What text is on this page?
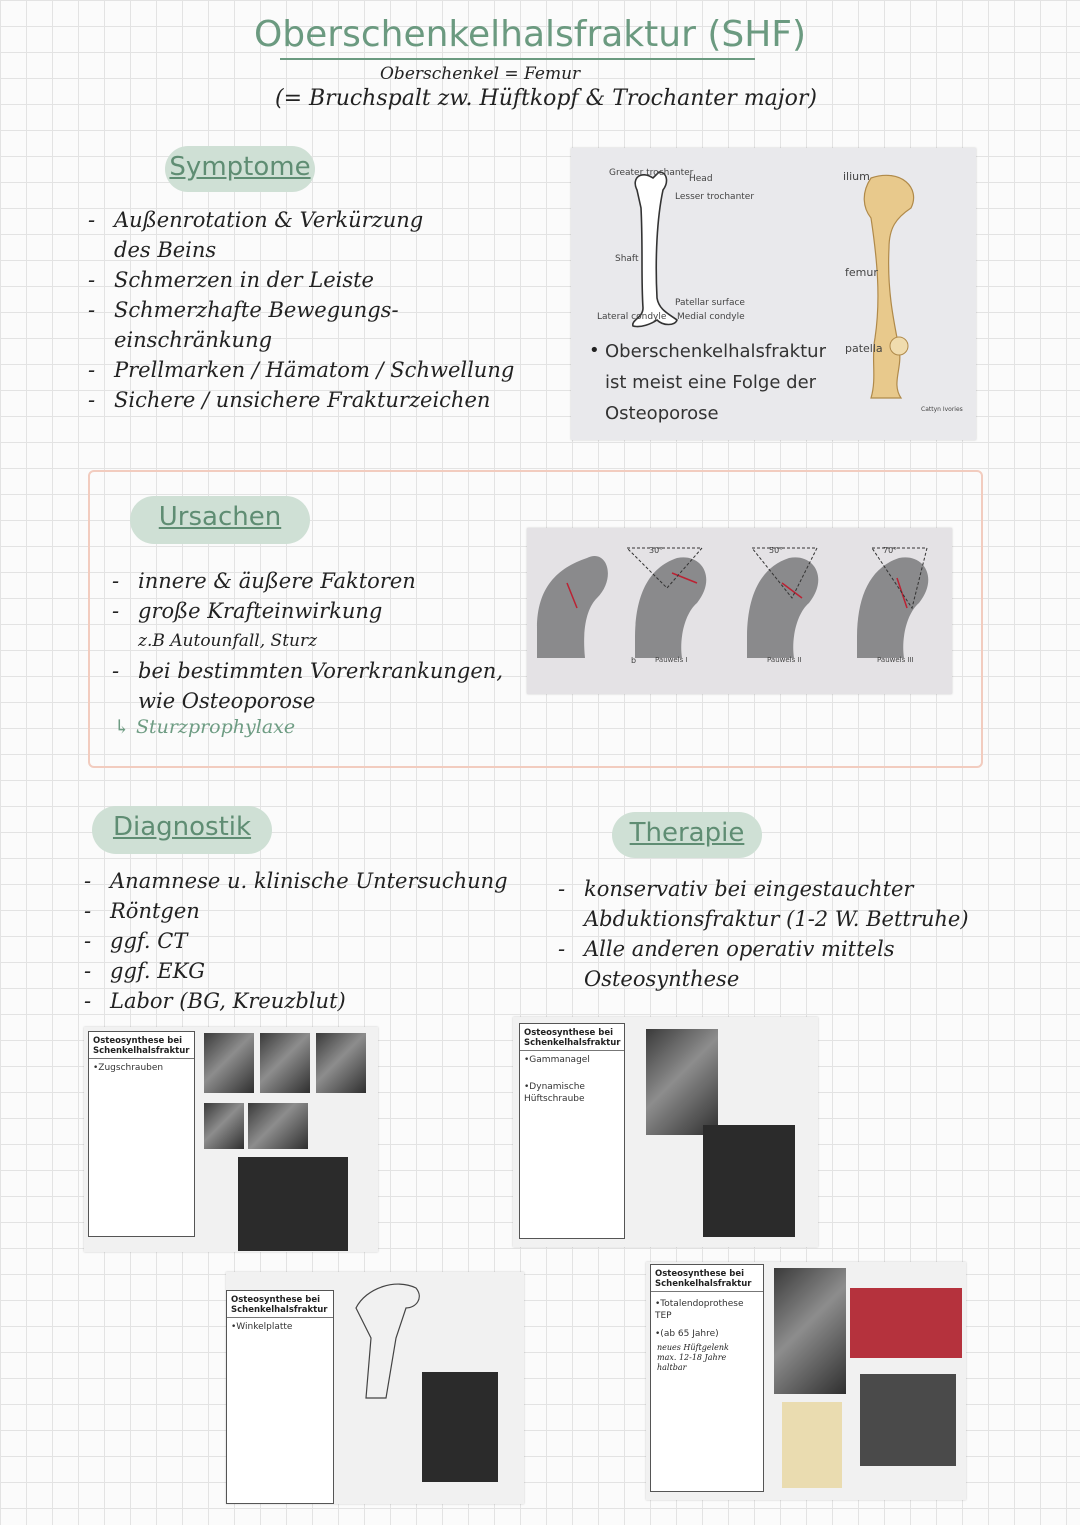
Oberschenkelhalsfraktur (SHF)
Oberschenkel = Femur
(= Bruchspalt zw. Hüftkopf & Trochanter major)
Symptome
- Außenrotation & Verkürzung
des Beins
- Schmerzen in der Leiste
- Schmerzhafte Bewegungs-
einschränkung
- Prellmarken / Hämatom / Schwellung
- Sichere / unsichere Frakturzeichen
Greater trochanter
Head
Lesser trochanter
Shaft
Patellar surface
Lateral condyle Medial condyle
ilium
femur
patella
Cattyn Ivories
• Oberschenkelhalsfraktur
ist meist eine Folge der
Osteoporose
Ursachen
- innere & äußere Faktoren
- große Krafteinwirkung
z.B Autounfall, Sturz
- bei bestimmten Vorerkrankungen,
wie Osteoporose
↳ Sturzprophylaxe
30°	50°	70°
b	Pauwels I	Pauwels II	Pauwels III
Diagnostik
- Anamnese u. klinische Untersuchung
- Röntgen
- ggf. CT
- ggf. EKG
- Labor (BG, Kreuzblut)
Therapie
- konservativ bei eingestauchter
Abduktionsfraktur (1-2 W. Bettruhe)
- Alle anderen operativ mittels
Osteosynthese
Osteosynthese bei Schenkelhalsfraktur
•Zugschrauben
Osteosynthese bei Schenkelhalsfraktur
•Gammanagel
•Dynamische Hüftschraube
Osteosynthese bei Schenkelhalsfraktur
•Winkelplatte
Osteosynthese bei Schenkelhalsfraktur
•Totalendoprothese TEP
•(ab 65 Jahre)
neues Hüftgelenk
max. 12-18 Jahre haltbar
